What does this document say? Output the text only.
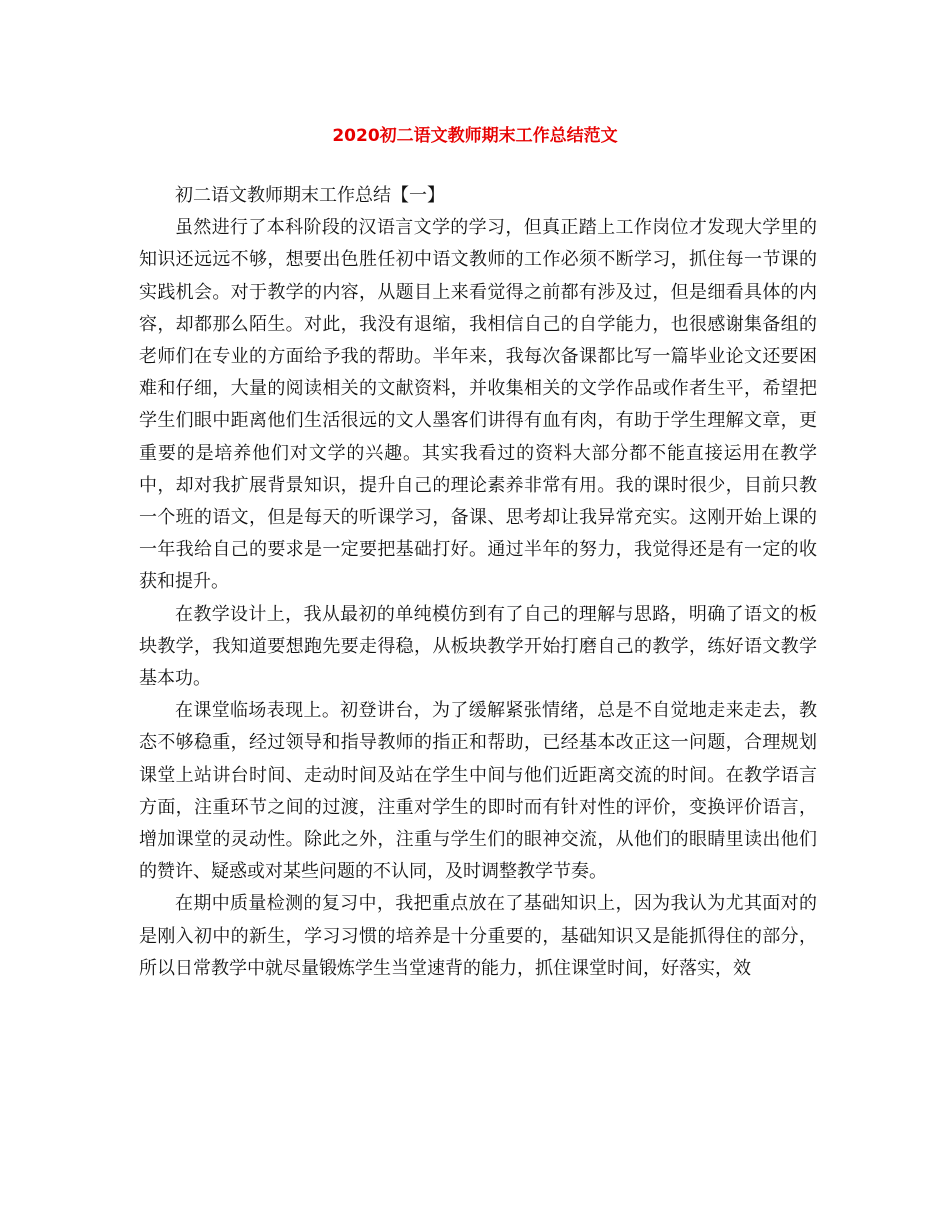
2020初二语文教师期末工作总结范文

初二语文教师期末工作总结【一】

虽然进行了本科阶段的汉语言文学的学习，但真正踏上工作岗位才发现大学里的知识还远远不够，想要出色胜任初中语文教师的工作必须不断学习，抓住每一节课的实践机会。对于教学的内容，从题目上来看觉得之前都有涉及过，但是细看具体的内容，却都那么陌生。对此，我没有退缩，我相信自己的自学能力，也很感谢集备组的老师们在专业的方面给予我的帮助。半年来，我每次备课都比写一篇毕业论文还要困难和仔细，大量的阅读相关的文献资料，并收集相关的文学作品或作者生平，希望把学生们眼中距离他们生活很远的文人墨客们讲得有血有肉，有助于学生理解文章，更重要的是培养他们对文学的兴趣。其实我看过的资料大部分都不能直接运用在教学中，却对我扩展背景知识，提升自己的理论素养非常有用。我的课时很少，目前只教一个班的语文，但是每天的听课学习，备课、思考却让我异常充实。这刚开始上课的一年我给自己的要求是一定要把基础打好。通过半年的努力，我觉得还是有一定的收获和提升。

在教学设计上，我从最初的单纯模仿到有了自己的理解与思路，明确了语文的板块教学，我知道要想跑先要走得稳，从板块教学开始打磨自己的教学，练好语文教学基本功。

在课堂临场表现上。初登讲台，为了缓解紧张情绪，总是不自觉地走来走去，教态不够稳重，经过领导和指导教师的指正和帮助，已经基本改正这一问题，合理规划课堂上站讲台时间、走动时间及站在学生中间与他们近距离交流的时间。在教学语言方面，注重环节之间的过渡，注重对学生的即时而有针对性的评价，变换评价语言，增加课堂的灵动性。除此之外，注重与学生们的眼神交流，从他们的眼睛里读出他们的赞许、疑惑或对某些问题的不认同，及时调整教学节奏。

在期中质量检测的复习中，我把重点放在了基础知识上，因为我认为尤其面对的是刚入初中的新生，学习习惯的培养是十分重要的，基础知识又是能抓得住的部分，所以日常教学中就尽量锻炼学生当堂速背的能力，抓住课堂时间，好落实，效
